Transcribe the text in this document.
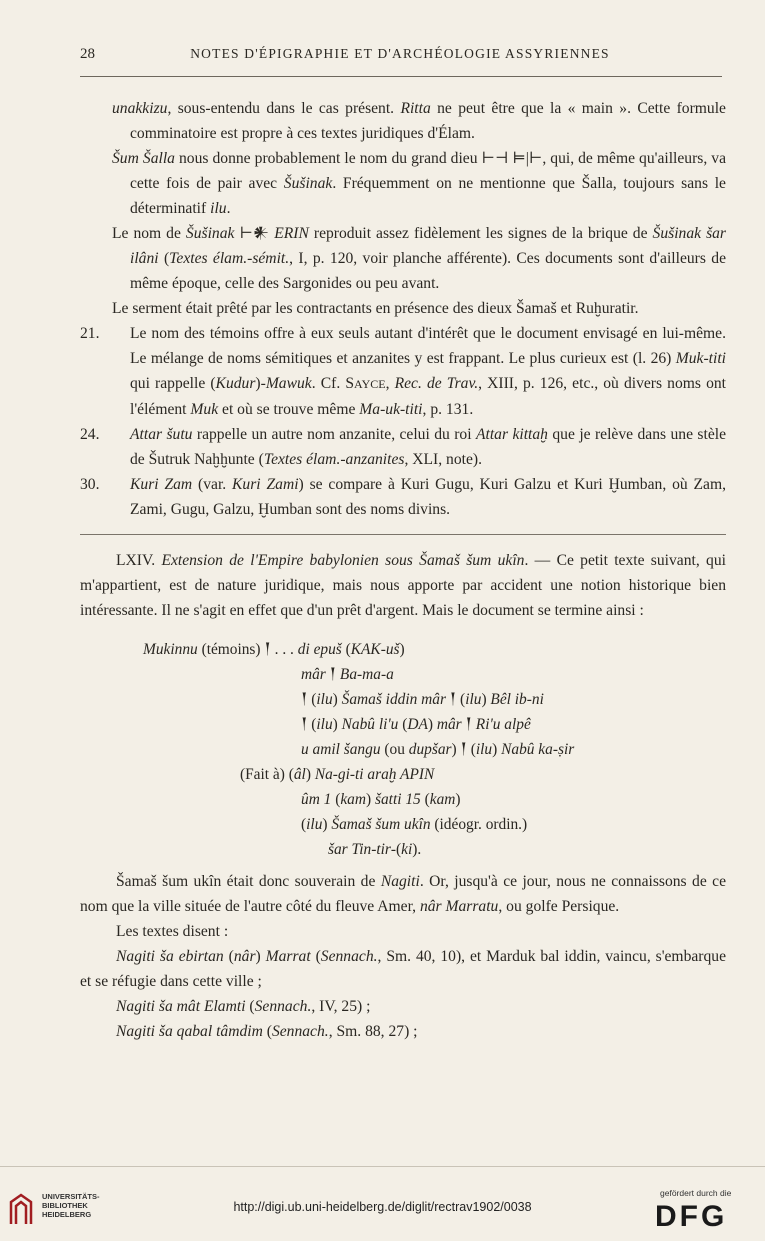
28	NOTES D'ÉPIGRAPHIE ET D'ARCHÉOLOGIE ASSYRIENNES

unakkizu, sous-entendu dans le cas présent. Ritta ne peut être que la « main ». Cette formule comminatoire est propre à ces textes juridiques d'Élam.

Šum Šalla nous donne probablement le nom du grand dieu ⊢⊣ ⊨|⊢, qui, de même qu'ailleurs, va cette fois de pair avec Šušinak. Fréquemment on ne mentionne que Šalla, toujours sans le déterminatif ilu.

Le nom de Šušinak ⊢𒀭 ERIN reproduit assez fidèlement les signes de la brique de Šušinak šar ilâni (Textes élam.-sémit., I, p. 120, voir planche afférente). Ces documents sont d'ailleurs de même époque, celle des Sargonides ou peu avant.

Le serment était prêté par les contractants en présence des dieux Šamaš et Ruḫuratir.

21. Le nom des témoins offre à eux seuls autant d'intérêt que le document envisagé en lui-même. Le mélange de noms sémitiques et anzanites y est frappant. Le plus curieux est (l. 26) Muk-titi qui rappelle (Kudur)-Mawuk. Cf. SAYCE, Rec. de Trav., XIII, p. 126, etc., où divers noms ont l'élément Muk et où se trouve même Ma-uk-titi, p. 131.

24. Attar šutu rappelle un autre nom anzanite, celui du roi Attar kittaḫ que je relève dans une stèle de Šutruk Naḫḫunte (Textes élam.-anzanites, XLI, note).

30. Kuri Zam (var. Kuri Zami) se compare à Kuri Gugu, Kuri Galzu et Kuri Ḫumban, où Zam, Zami, Gugu, Galzu, Ḫumban sont des noms divins.

LXIV. Extension de l'Empire babylonien sous Šamaš šum ukîn. — Ce petit texte suivant, qui m'appartient, est de nature juridique, mais nous apporte par accident une notion historique bien intéressante. Il ne s'agit en effet que d'un prêt d'argent. Mais le document se termine ainsi :

Mukinnu (témoins) 𒁹 . . . di epuš (KAK-uš)
mâr 𒁹 Ba-ma-a
𒁹 (ilu) Šamaš iddin mâr 𒁹 (ilu) Bêl ib-ni
𒁹 (ilu) Nabû li'u (DA) mâr 𒁹 Ri'u alpê
u amil šangu (ou dupšar) 𒁹 (ilu) Nabû ka-ṣir
(Fait à) (âl) Na-gi-ti araḫ APIN
ûm 1 (kam) šatti 15 (kam)
(ilu) Šamaš šum ukîn (idéogr. ordin.)
šar Tin-tir-(ki).

Šamaš šum ukîn était donc souverain de Nagiti. Or, jusqu'à ce jour, nous ne connaissons de ce nom que la ville située de l'autre côté du fleuve Amer, nâr Marratu, ou golfe Persique.

Les textes disent :

Nagiti ša ebirtan (nâr) Marrat (Sennach., Sm. 40, 10), et Marduk bal iddin, vaincu, s'embarque et se réfugie dans cette ville ;

Nagiti ša mât Elamti (Sennach., IV, 25) ;

Nagiti ša qabal tâmdim (Sennach., Sm. 88, 27) ;

UNIVERSITÄTS-
BIBLIOTHEK
HEIDELBERG
http://digi.ub.uni-heidelberg.de/diglit/rectrav1902/0038
gefördert durch die
DFG
